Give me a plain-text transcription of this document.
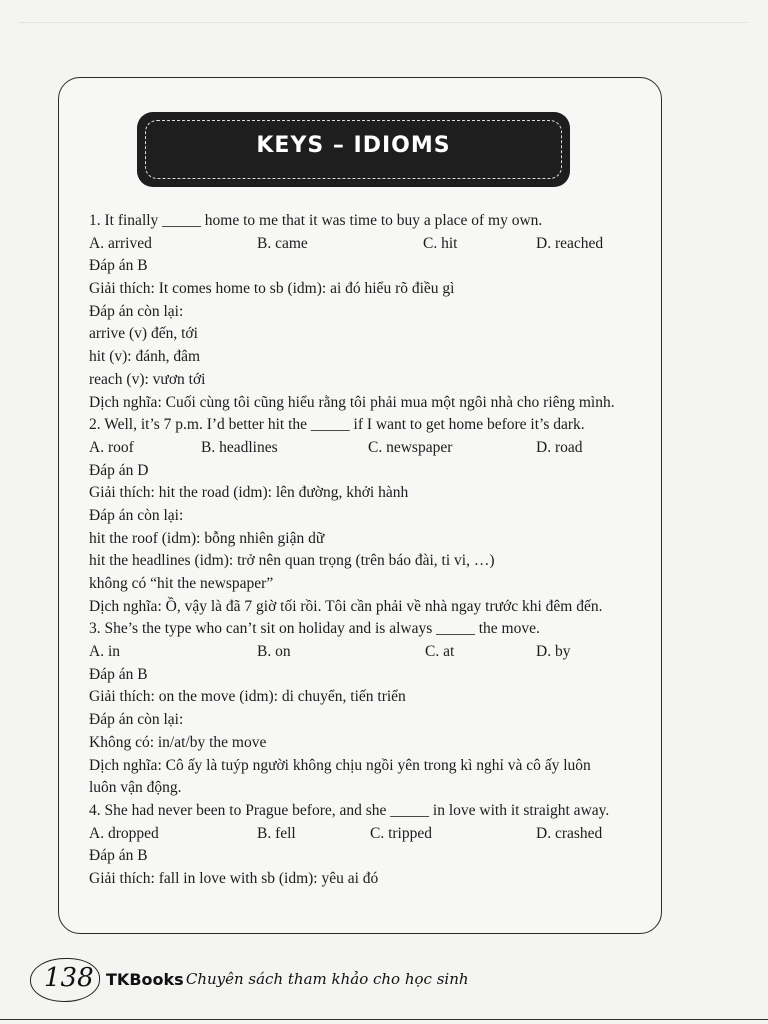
KEYS – IDIOMS
1. It finally _____ home to me that it was time to buy a place of my own.
A. arrived	B. came	C. hit	D. reached
Đáp án B
Giải thích: It comes home to sb (idm): ai đó hiểu rõ điều gì
Đáp án còn lại:
arrive (v) đến, tới
hit (v): đánh, đâm
reach (v): vươn tới
Dịch nghĩa: Cuối cùng tôi cũng hiểu rằng tôi phải mua một ngôi nhà cho riêng mình.
2. Well, it’s 7 p.m. I’d better hit the _____ if I want to get home before it’s dark.
A. roof	B. headlines	C. newspaper	D. road
Đáp án D
Giải thích: hit the road (idm): lên đường, khởi hành
Đáp án còn lại:
hit the roof (idm): bỗng nhiên giận dữ
hit the headlines (idm): trở nên quan trọng (trên báo đài, ti vi, …)
không có “hit the newspaper”
Dịch nghĩa: Ồ, vậy là đã 7 giờ tối rồi. Tôi cần phải về nhà ngay trước khi đêm đến.
3. She’s the type who can’t sit on holiday and is always _____ the move.
A. in	B. on	C. at	D. by
Đáp án B
Giải thích: on the move (idm): di chuyển, tiến triển
Đáp án còn lại:
Không có: in/at/by the move
Dịch nghĩa: Cô ấy là tuýp người không chịu ngồi yên trong kì nghỉ và cô ấy luôn
luôn vận động.
4. She had never been to Prague before, and she _____ in love with it straight away.
A. dropped	B. fell	C. tripped	D. crashed
Đáp án B
Giải thích: fall in love with sb (idm): yêu ai đó
138 TKBooks
- Chuyên sách tham khảo cho học sinh
